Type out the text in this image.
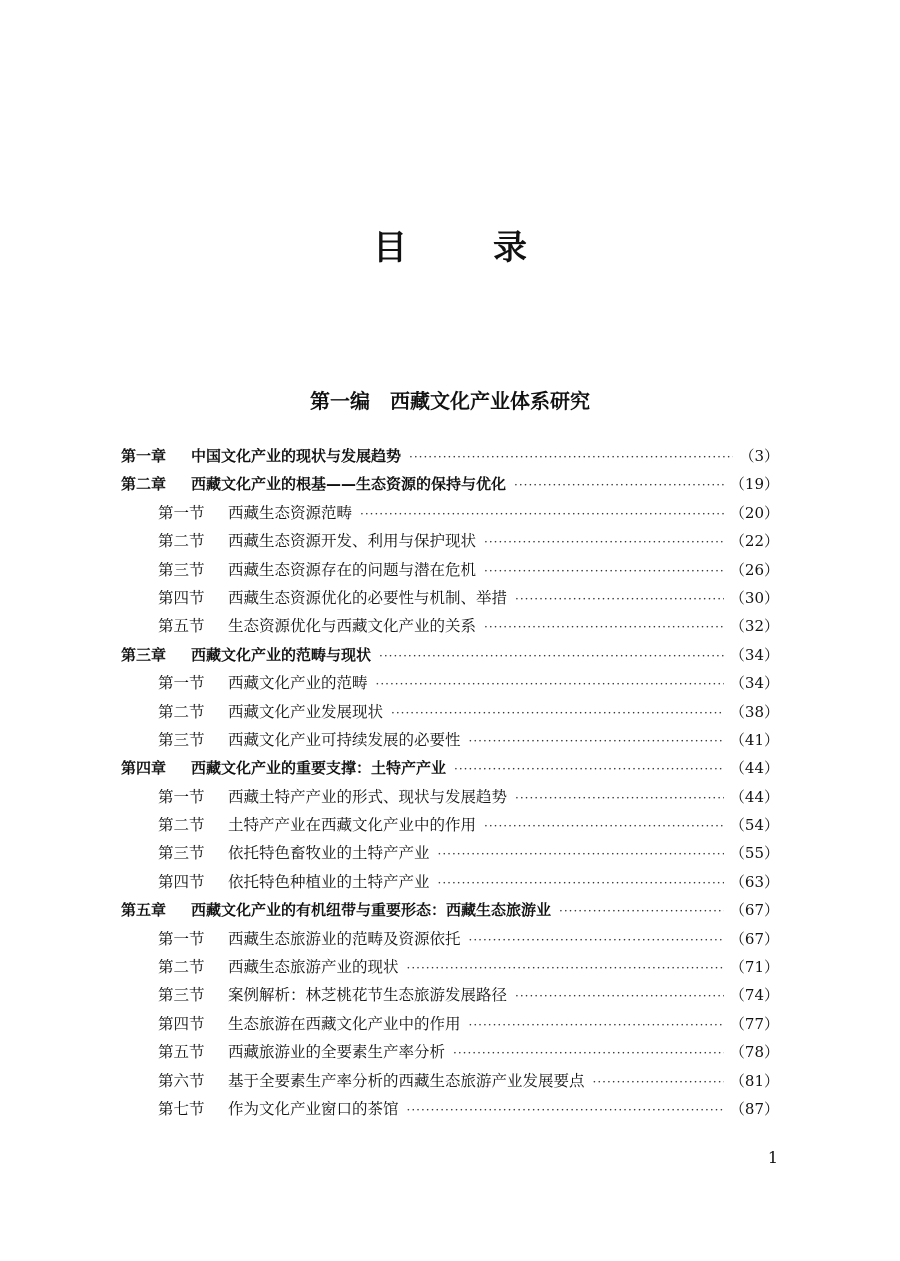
目录
第一编　西藏文化产业体系研究
第一章	中国文化产业的现状与发展趋势 ·····	（3）
第二章	西藏文化产业的根基——生态资源的保持与优化 ·····	（19）
第一节	西藏生态资源范畴 ·····	（20）
第二节	西藏生态资源开发、利用与保护现状 ·····	（22）
第三节	西藏生态资源存在的问题与潜在危机 ·····	（26）
第四节	西藏生态资源优化的必要性与机制、举措 ·····	（30）
第五节	生态资源优化与西藏文化产业的关系 ·····	（32）
第三章	西藏文化产业的范畴与现状 ·····	（34）
第一节	西藏文化产业的范畴 ·····	（34）
第二节	西藏文化产业发展现状 ·····	（38）
第三节	西藏文化产业可持续发展的必要性 ·····	（41）
第四章	西藏文化产业的重要支撑：土特产产业 ·····	（44）
第一节	西藏土特产产业的形式、现状与发展趋势 ·····	（44）
第二节	土特产产业在西藏文化产业中的作用 ·····	（54）
第三节	依托特色畜牧业的土特产产业 ·····	（55）
第四节	依托特色种植业的土特产产业 ·····	（63）
第五章	西藏文化产业的有机纽带与重要形态：西藏生态旅游业 ·····	（67）
第一节	西藏生态旅游业的范畴及资源依托 ·····	（67）
第二节	西藏生态旅游产业的现状 ·····	（71）
第三节	案例解析：林芝桃花节生态旅游发展路径 ·····	（74）
第四节	生态旅游在西藏文化产业中的作用 ·····	（77）
第五节	西藏旅游业的全要素生产率分析 ·····	（78）
第六节	基于全要素生产率分析的西藏生态旅游产业发展要点 ·····	（81）
第七节	作为文化产业窗口的茶馆 ·····	（87）
1
